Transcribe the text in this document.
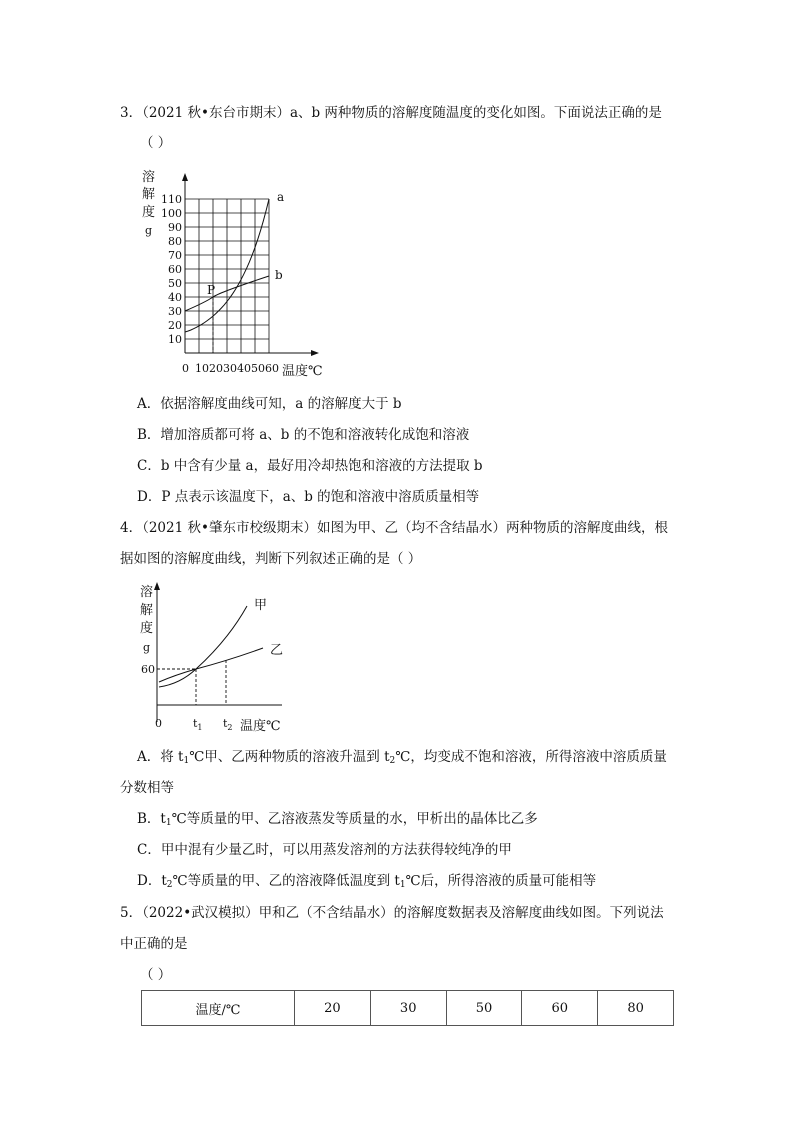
3．（2021 秋•东台市期末）a、b 两种物质的溶解度随温度的变化如图。下面说法正确的是
（ ）
溶
解
度
g
10
20
30
40
50
60
70
80
90
100
110
10 20 30 40 50 60
a
b
P
0	温度℃
A．依据溶解度曲线可知，a 的溶解度大于 b
B．增加溶质都可将 a、b 的不饱和溶液转化成饱和溶液
C．b 中含有少量 a，最好用冷却热饱和溶液的方法提取 b
D．P 点表示该温度下，a、b 的饱和溶液中溶质质量相等
4．（2021 秋•肇东市校级期末）如图为甲、乙（均不含结晶水）两种物质的溶解度曲线，根
据如图的溶解度曲线，判断下列叙述正确的是（ ）
溶
解
度
g
甲
乙
60
0	$t_1$ $t_2$ 温度℃
A．将 $t_1℃$甲、乙两种物质的溶液升温到 $t_2℃$，均变成不饱和溶液，所得溶液中溶质质量
分数相等
B．$t_1℃$等质量的甲、乙溶液蒸发等质量的水，甲析出的晶体比乙多
C．甲中混有少量乙时，可以用蒸发溶剂的方法获得较纯净的甲
D．$t_2℃$等质量的甲、乙的溶液降低温度到 $t_1℃$后，所得溶液的质量可能相等
5．（2022•武汉模拟）甲和乙（不含结晶水）的溶解度数据表及溶解度曲线如图。下列说法
中正确的是
（ ）
温度/℃	20	30	50	60	80
